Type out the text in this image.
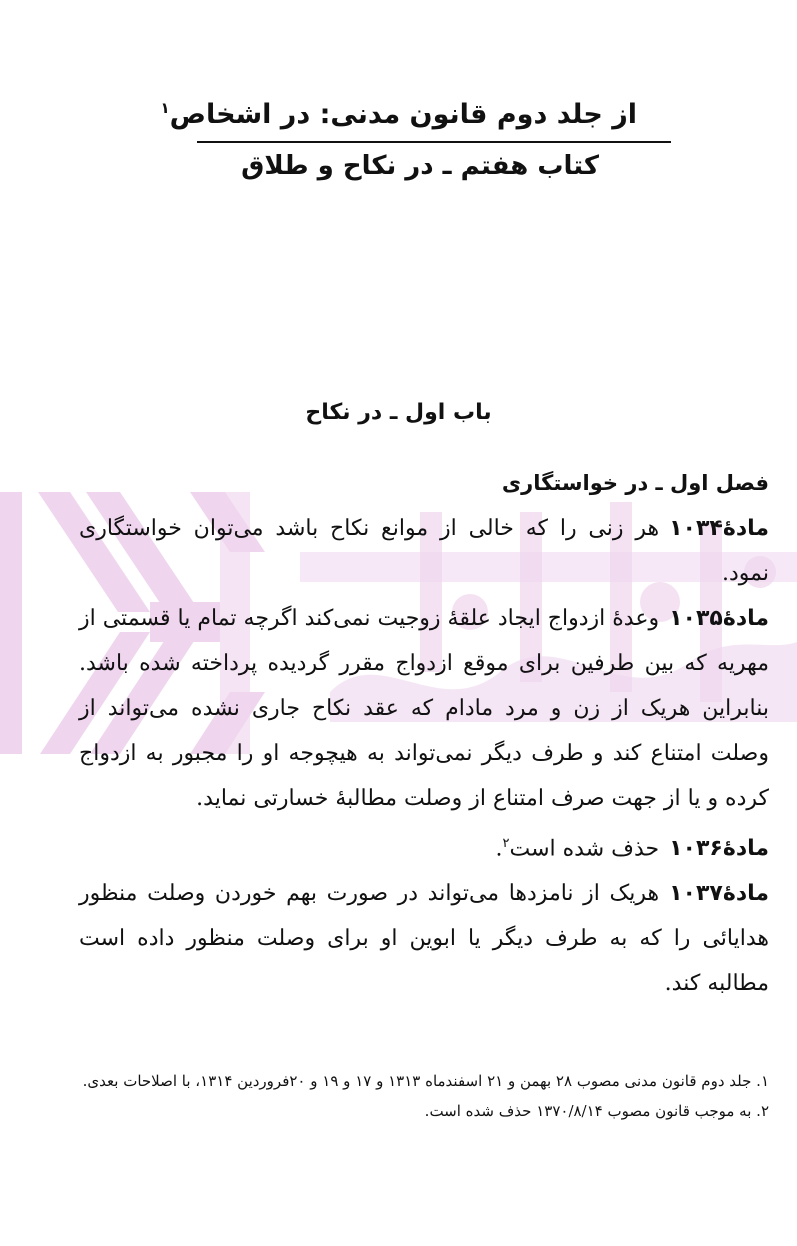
از جلد دوم قانون مدنی: در اشخاص$^۱$
کتاب هفتم ـ در نکاح و طلاق
باب اول ـ در نکاح
فصل اول ـ در خواستگاری

مادۀ۱۰۳۴هر زنی را که خالی از موانع نکاح باشد می‌توان خواستگاری نمود.

مادۀ۱۰۳۵وعدۀ ازدواج ایجاد علقۀ زوجیت نمی‌کند اگرچه تمام یا قسمتی از مهریه که بین طرفین برای موقع ازدواج مقرر گردیده پرداخته شده باشد. بنابراین هریک از زن و مرد مادام که عقد نکاح جاری نشده می‌تواند از وصلت امتناع کند و طرف دیگر نمی‌تواند به هیچوجه او را مجبور به ازدواج کرده و یا از جهت صرف امتناع از وصلت مطالبۀ خسارتی نماید.

مادۀ۱۰۳۶حذف شده است$^۲$.

مادۀ۱۰۳۷هریک از نامزدها می‌تواند در صورت بهم خوردن وصلت منظور هدایائی را که به طرف دیگر یا ابوین او برای وصلت منظور داده است مطالبه کند.

۱. جلد دوم قانون مدنی مصوب ۲۸ بهمن و ۲۱ اسفندماه ۱۳۱۳ و ۱۷ و ۱۹ و ۲۰فروردین ۱۳۱۴، با اصلاحات بعدی.

۲. به موجب قانون مصوب ۱۳۷۰/۸/۱۴ حذف شده است.
